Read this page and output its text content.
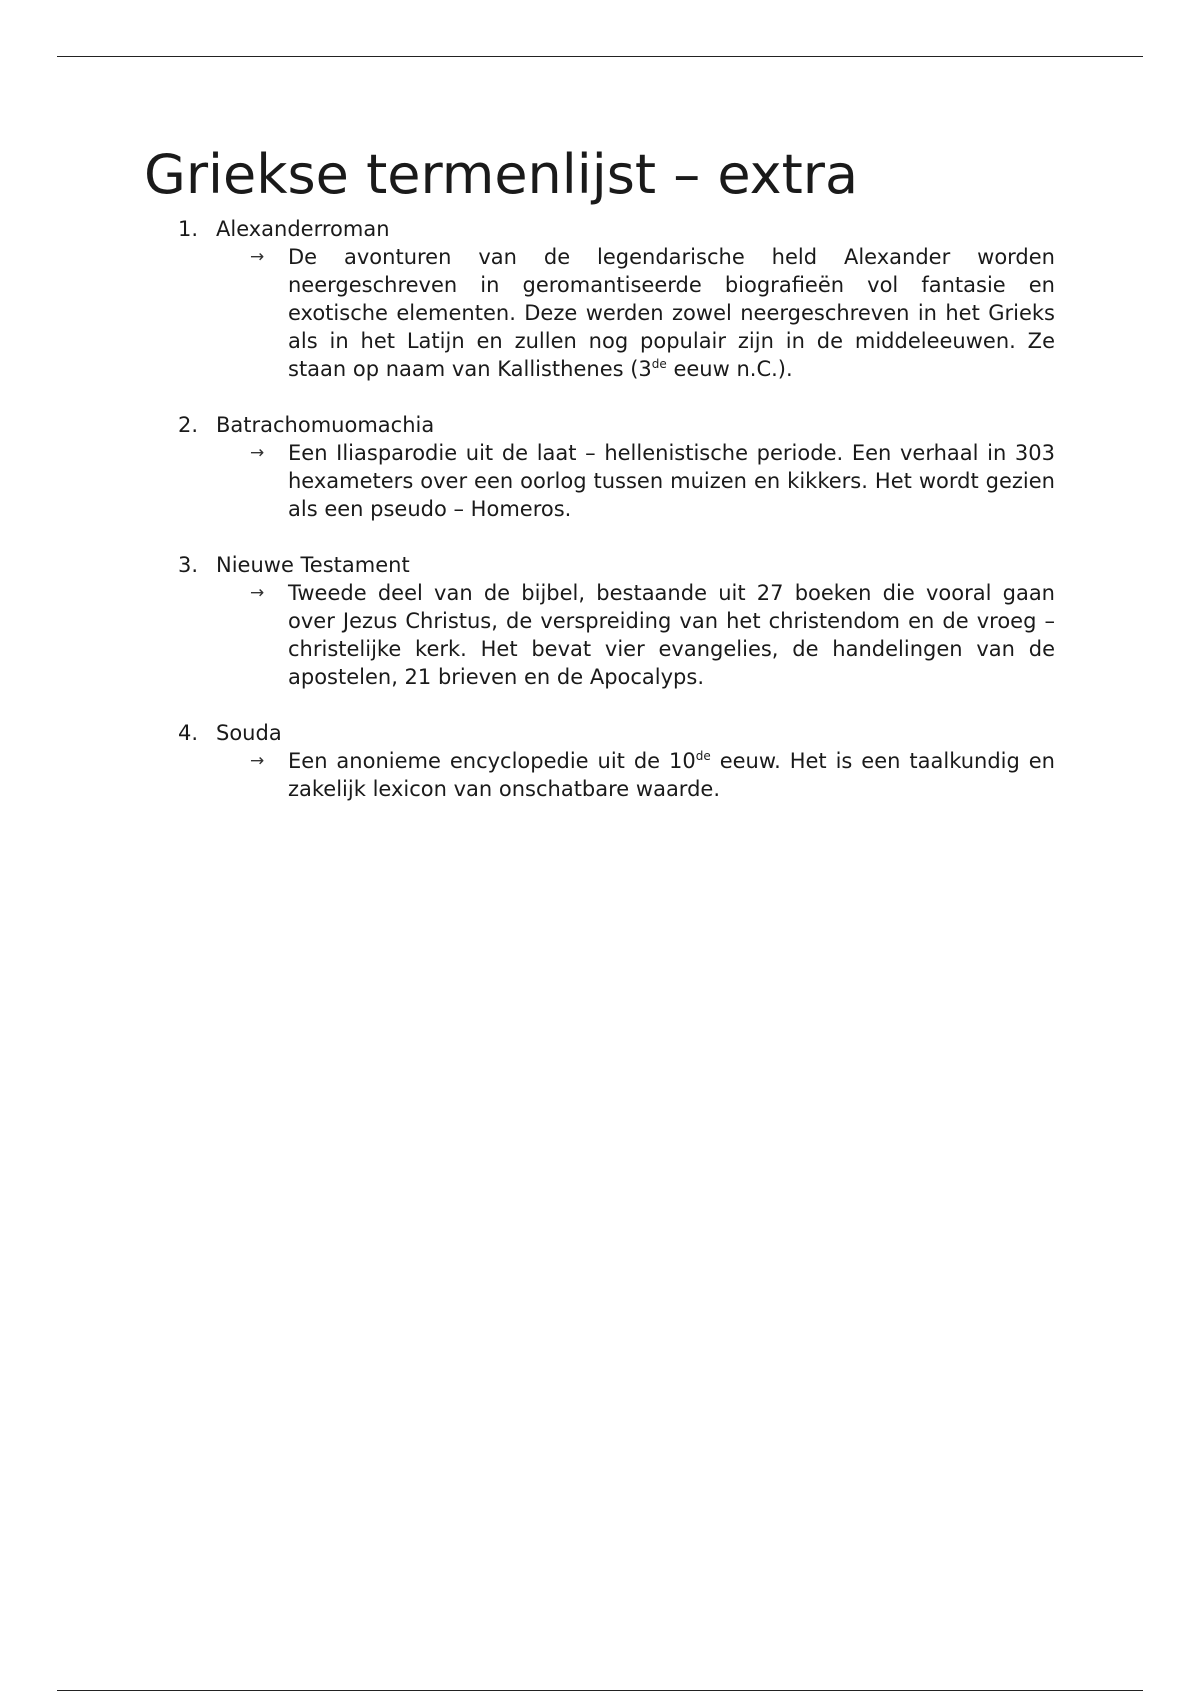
Griekse termenlijst – extra
1. Alexanderroman
→ De avonturen van de legendarische held Alexander worden neergeschreven in geromantiseerde biografieën vol fantasie en exotische elementen. Deze werden zowel neergeschreven in het Grieks als in het Latijn en zullen nog populair zijn in de middeleeuwen. Ze staan op naam van Kallisthenes (3de eeuw n.C.).
2. Batrachomuomachia
→ Een Iliasparodie uit de laat – hellenistische periode. Een verhaal in 303 hexameters over een oorlog tussen muizen en kikkers. Het wordt gezien als een pseudo – Homeros.
3. Nieuwe Testament
→ Tweede deel van de bijbel, bestaande uit 27 boeken die vooral gaan over Jezus Christus, de verspreiding van het christendom en de vroeg – christelijke kerk. Het bevat vier evangelies, de handelingen van de apostelen, 21 brieven en de Apocalyps.
4. Souda
→ Een anonieme encyclopedie uit de 10de eeuw. Het is een taalkundig en zakelijk lexicon van onschatbare waarde.
